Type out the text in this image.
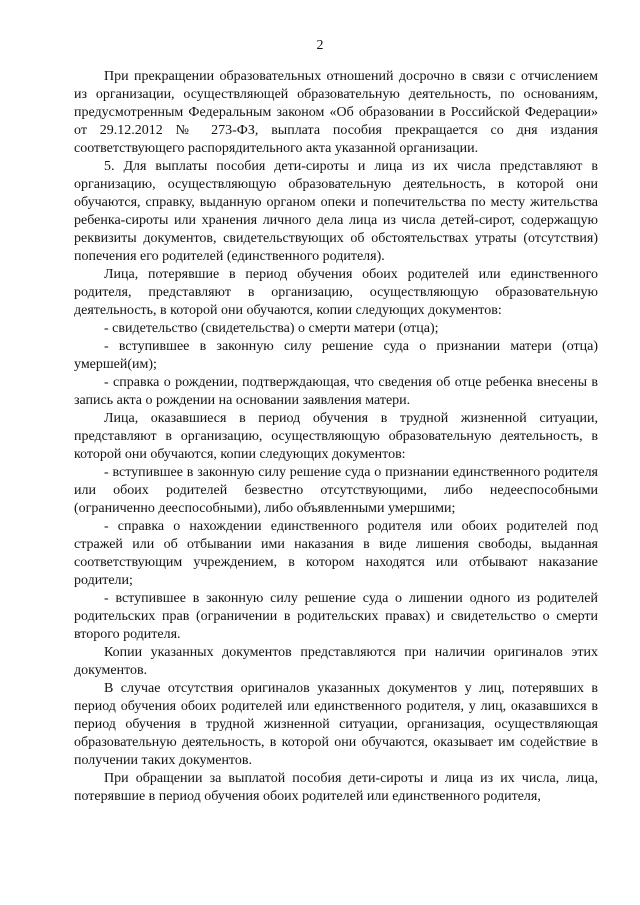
2

При прекращении образовательных отношений досрочно в связи с отчислением из организации, осуществляющей образовательную деятельность, по основаниям, предусмотренным Федеральным законом «Об образовании в Российской Федерации» от 29.12.2012 № 273-ФЗ, выплата пособия прекращается со дня издания соответствующего распорядительного акта указанной организации.

5. Для выплаты пособия дети-сироты и лица из их числа представляют в организацию, осуществляющую образовательную деятельность, в которой они обучаются, справку, выданную органом опеки и попечительства по месту жительства ребенка-сироты или хранения личного дела лица из числа детей-сирот, содержащую реквизиты документов, свидетельствующих об обстоятельствах утраты (отсутствия) попечения его родителей (единственного родителя).

Лица, потерявшие в период обучения обоих родителей или единственного родителя, представляют в организацию, осуществляющую образовательную деятельность, в которой они обучаются, копии следующих документов:

- свидетельство (свидетельства) о смерти матери (отца);

- вступившее в законную силу решение суда о признании матери (отца) умершей(им);

- справка о рождении, подтверждающая, что сведения об отце ребенка внесены в запись акта о рождении на основании заявления матери.

Лица, оказавшиеся в период обучения в трудной жизненной ситуации, представляют в организацию, осуществляющую образовательную деятельность, в которой они обучаются, копии следующих документов:

- вступившее в законную силу решение суда о признании единственного родителя или обоих родителей безвестно отсутствующими, либо недееспособными (ограниченно дееспособными), либо объявленными умершими;

- справка о нахождении единственного родителя или обоих родителей под стражей или об отбывании ими наказания в виде лишения свободы, выданная соответствующим учреждением, в котором находятся или отбывают наказание родители;

- вступившее в законную силу решение суда о лишении одного из родителей родительских прав (ограничении в родительских правах) и свидетельство о смерти второго родителя.

Копии указанных документов представляются при наличии оригиналов этих документов.

В случае отсутствия оригиналов указанных документов у лиц, потерявших в период обучения обоих родителей или единственного родителя, у лиц, оказавшихся в период обучения в трудной жизненной ситуации, организация, осуществляющая образовательную деятельность, в которой они обучаются, оказывает им содействие в получении таких документов.

При обращении за выплатой пособия дети-сироты и лица из их числа, лица, потерявшие в период обучения обоих родителей или единственного родителя,
